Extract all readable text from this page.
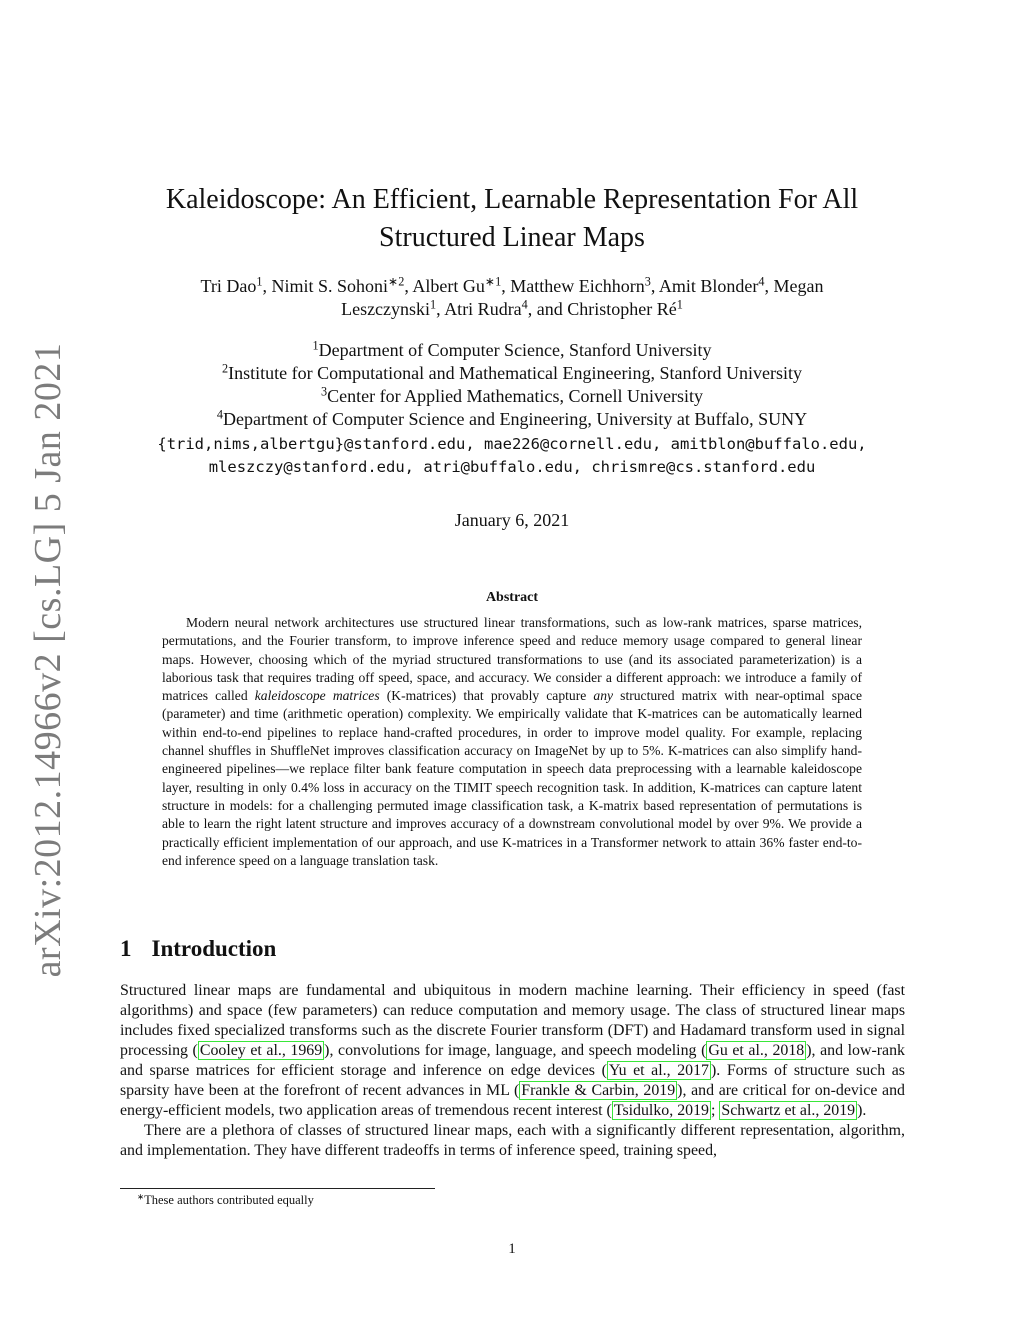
arXiv:2012.14966v2 [cs.LG] 5 Jan 2021
Kaleidoscope: An Efficient, Learnable Representation For All
Structured Linear Maps
Tri Dao$^1$, Nimit S. Sohoni$^{∗2}$, Albert $Gu^{∗1}$, Matthew Eichhorn$^3$, Amit Blonder$^4$, Megan
Leszczynski$^1$, Atri Rudra$^4$, and Christopher $Ré^1$
$^1$Department of Computer Science, Stanford University
$^2$Institute for Computational and Mathematical Engineering, Stanford University
$^3$Center for Applied Mathematics, Cornell University
$^4$Department of Computer Science and Engineering, University at Buffalo, SUNY
{trid,nims,albertgu}@stanford.edu, mae226@cornell.edu, amitblon@buffalo.edu,
mleszczy@stanford.edu, atri@buffalo.edu, chrismre@cs.stanford.edu
January 6, 2021
Abstract
Modern neural network architectures use structured linear transformations, such as low-rank matrices, sparse matrices, permutations, and the Fourier transform, to improve inference speed and reduce memory usage compared to general linear maps. However, choosing which of the myriad structured transformations to use (and its associated parameterization) is a laborious task that requires trading off speed, space, and accuracy. We consider a different approach: we introduce a family of matrices called kaleidoscope matrices (K-matrices) that provably capture any structured matrix with near-optimal space (parameter) and time (arithmetic operation) complexity. We empirically validate that K-matrices can be automatically learned within end-to-end pipelines to replace hand-crafted procedures, in order to improve model quality. For example, replacing channel shuffles in ShuffleNet improves classification accuracy on ImageNet by up to 5%. K-matrices can also simplify hand-engineered pipelines—we replace filter bank feature computation in speech data preprocessing with a learnable kaleidoscope layer, resulting in only 0.4% loss in accuracy on the TIMIT speech recognition task. In addition, K-matrices can capture latent structure in models: for a challenging permuted image classification task, a K-matrix based representation of permutations is able to learn the right latent structure and improves accuracy of a downstream convolutional model by over 9%. We provide a practically efficient implementation of our approach, and use K-matrices in a Transformer network to attain 36% faster end-to-end inference speed on a language translation task.
1 Introduction

Structured linear maps are fundamental and ubiquitous in modern machine learning. Their efficiency in speed (fast algorithms) and space (few parameters) can reduce computation and memory usage. The class of structured linear maps includes fixed specialized transforms such as the discrete Fourier transform (DFT) and Hadamard transform used in signal processing ( Cooley et al., 1969 ), convolutions for image, language, and speech modeling ( Gu et al., 2018 ), and low-rank and sparse matrices for efficient storage and inference on edge devices ( Yu et al., 2017 ). Forms of structure such as sparsity have been at the forefront of recent advances in ML ( Frankle & Carbin, 2019 ), and are critical for on-device and energy-efficient models, two application areas of tremendous recent interest ( Tsidulko, 2019 ; Schwartz et al., 2019 ).

There are a plethora of classes of structured linear maps, each with a significantly different representation, algorithm, and implementation. They have different tradeoffs in terms of inference speed, training speed,

∗These authors contributed equally
1
